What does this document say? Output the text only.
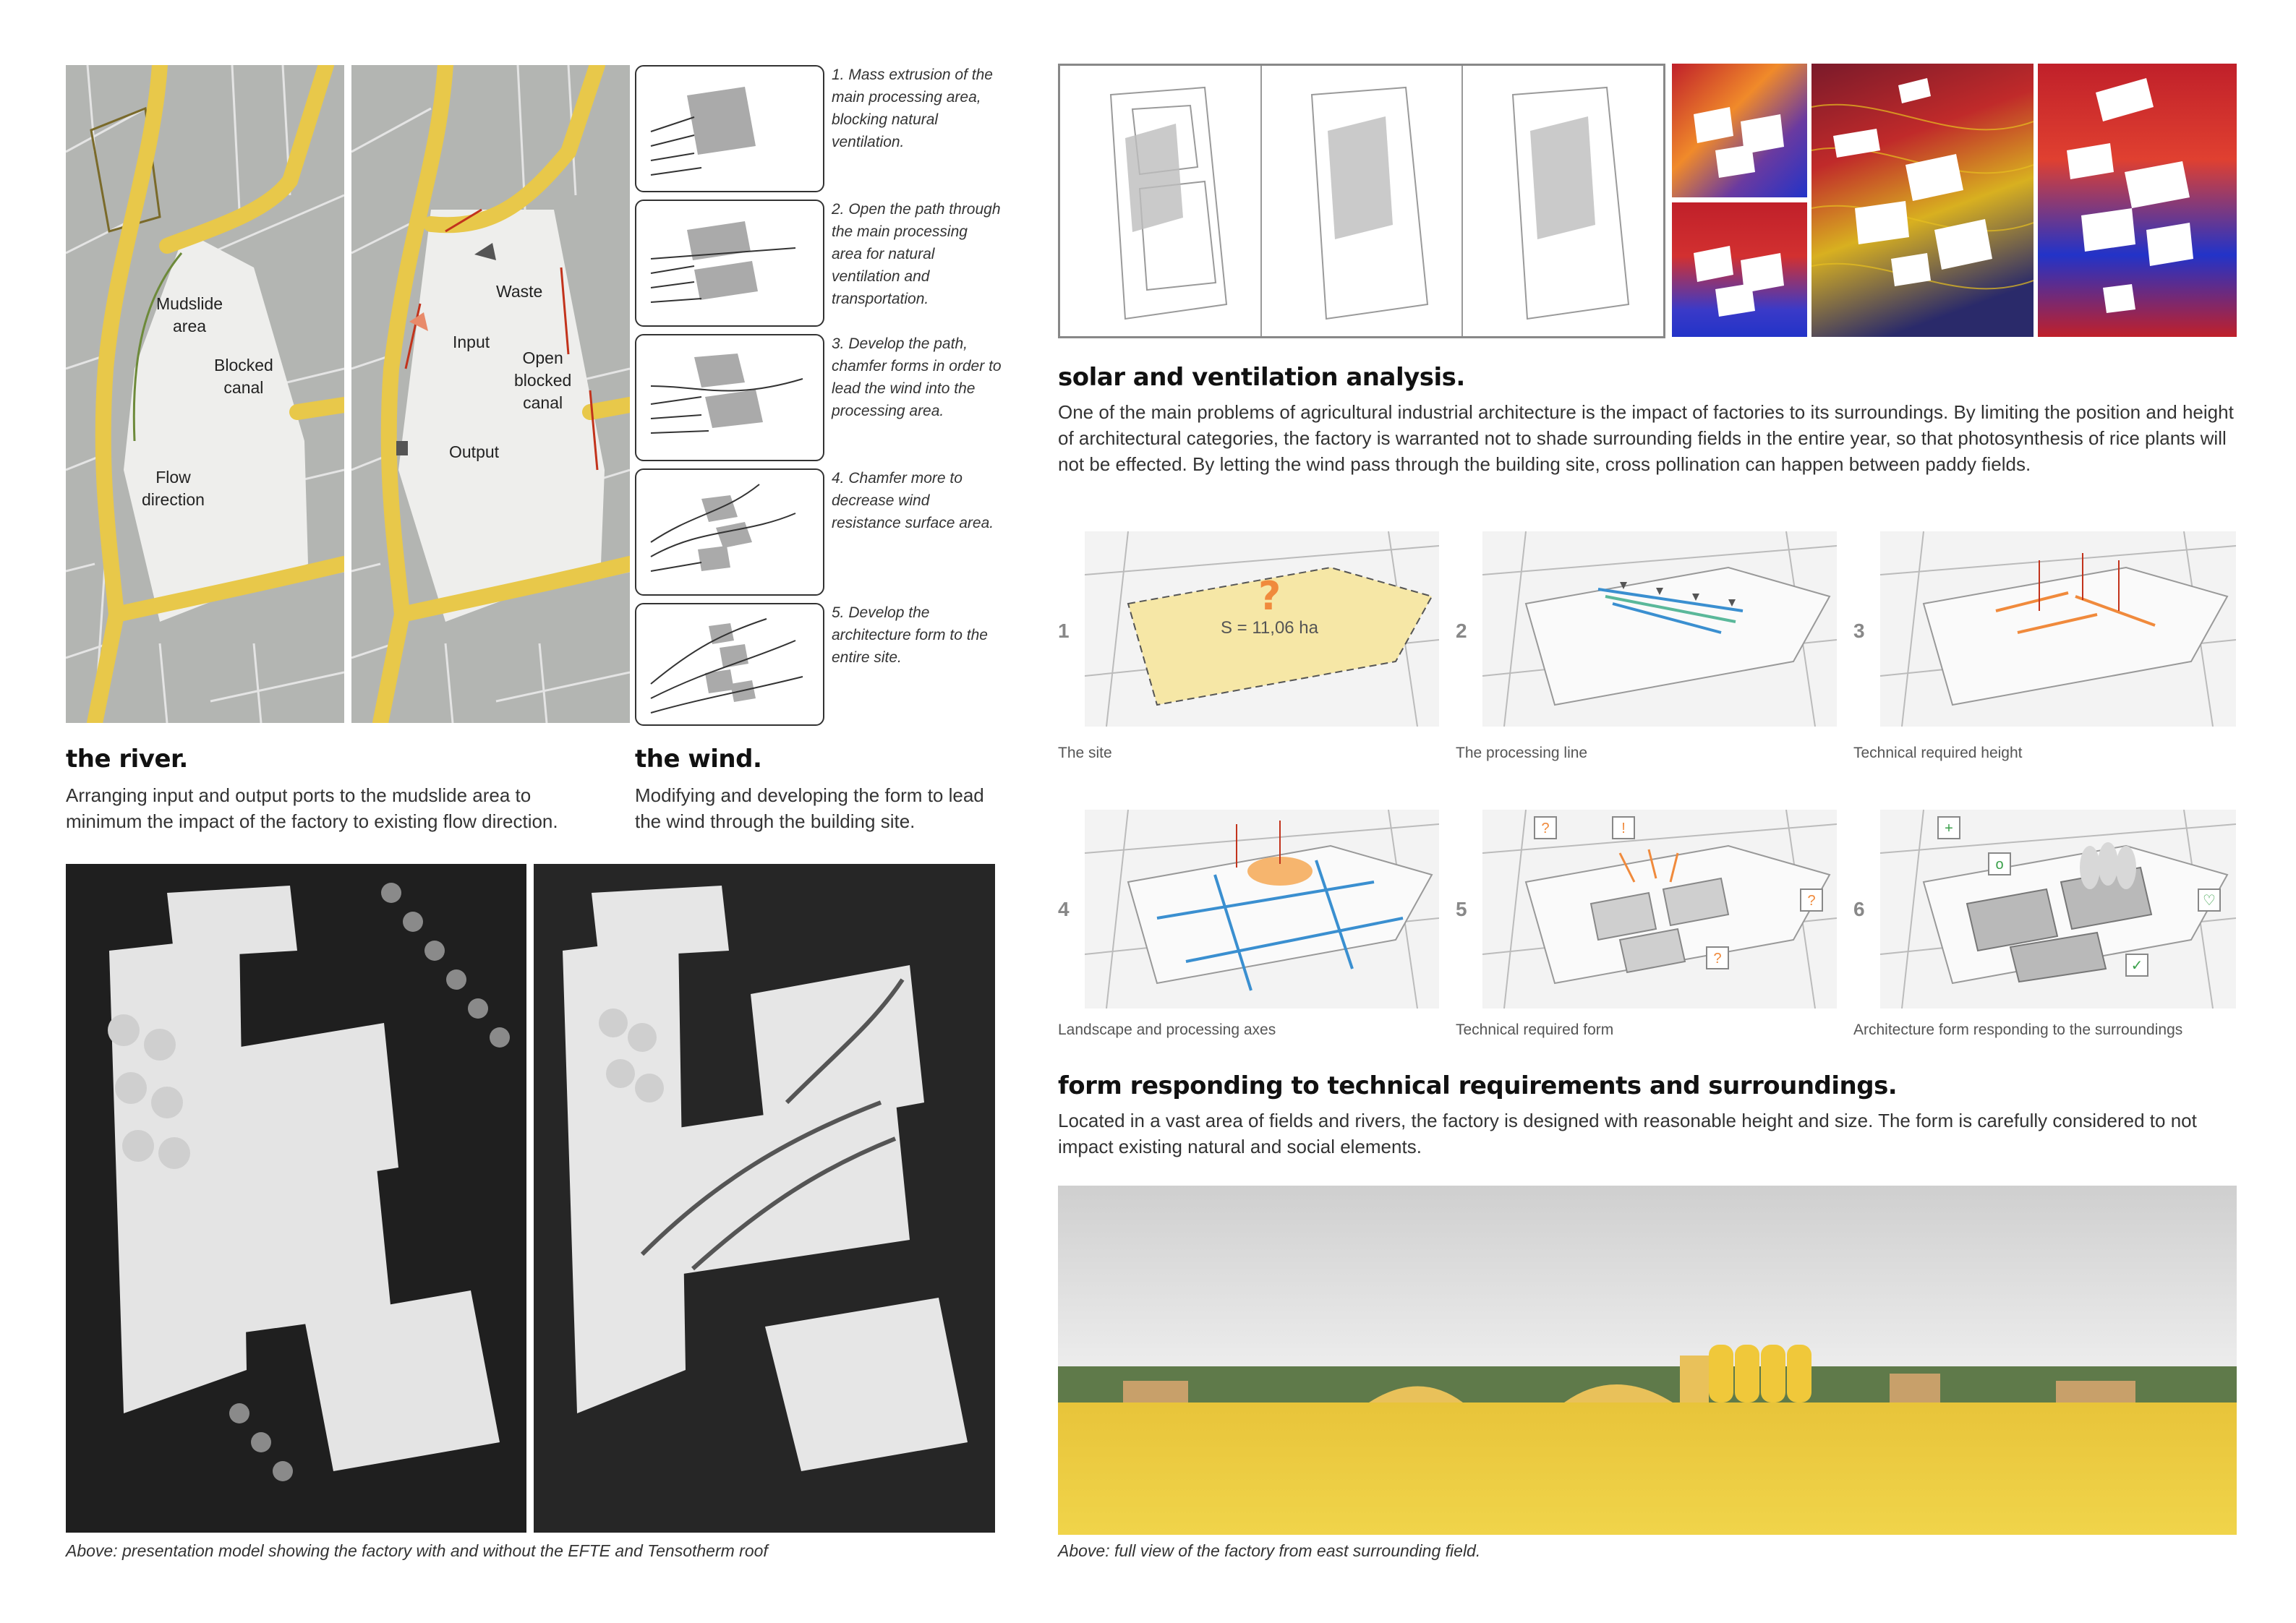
Mudslide
area
Blocked
canal
Flow
direction
Waste
Input
Output
Open
blocked
canal
1. Mass extrusion of the main processing area, blocking natural ventilation.
2. Open the path through the main processing area for natural ventilation and transportation.
3. Develop the path, chamfer forms in order to lead the wind into the processing area.
4. Chamfer more to decrease wind resistance surface area.
5. Develop the architecture form to the entire site.
the river.
Arranging input and output ports to the mudslide area to minimum the impact of the factory to existing flow direction.
the wind.
Modifying and developing the form to lead the wind through the building site.
Above: presentation model showing the factory with and without the EFTE and Tensotherm roof
solar and ventilation analysis.
One of the main problems of agricultural industrial architecture is the impact of factories to its surroundings. By limiting the position and height of architectural categories, the factory is warranted not to shade surrounding fields in the entire year, so that photosynthesis of rice plants will not be effected. By letting the wind pass through the building site, cross pollination can happen between paddy fields.
1
?
S = 11,06 ha	2	3
The site	The processing line	Technical required height
4	5
?	!
?
?
6
+
o
♡
✓
Landscape and processing axes	Technical required form	Architecture form responding to the surroundings
form responding to technical requirements and surroundings.
Located in a vast area of fields and rivers, the factory is designed with reasonable height and size. The form is carefully considered to not impact existing natural and social elements.
Above: full view of the factory from east surrounding field.
